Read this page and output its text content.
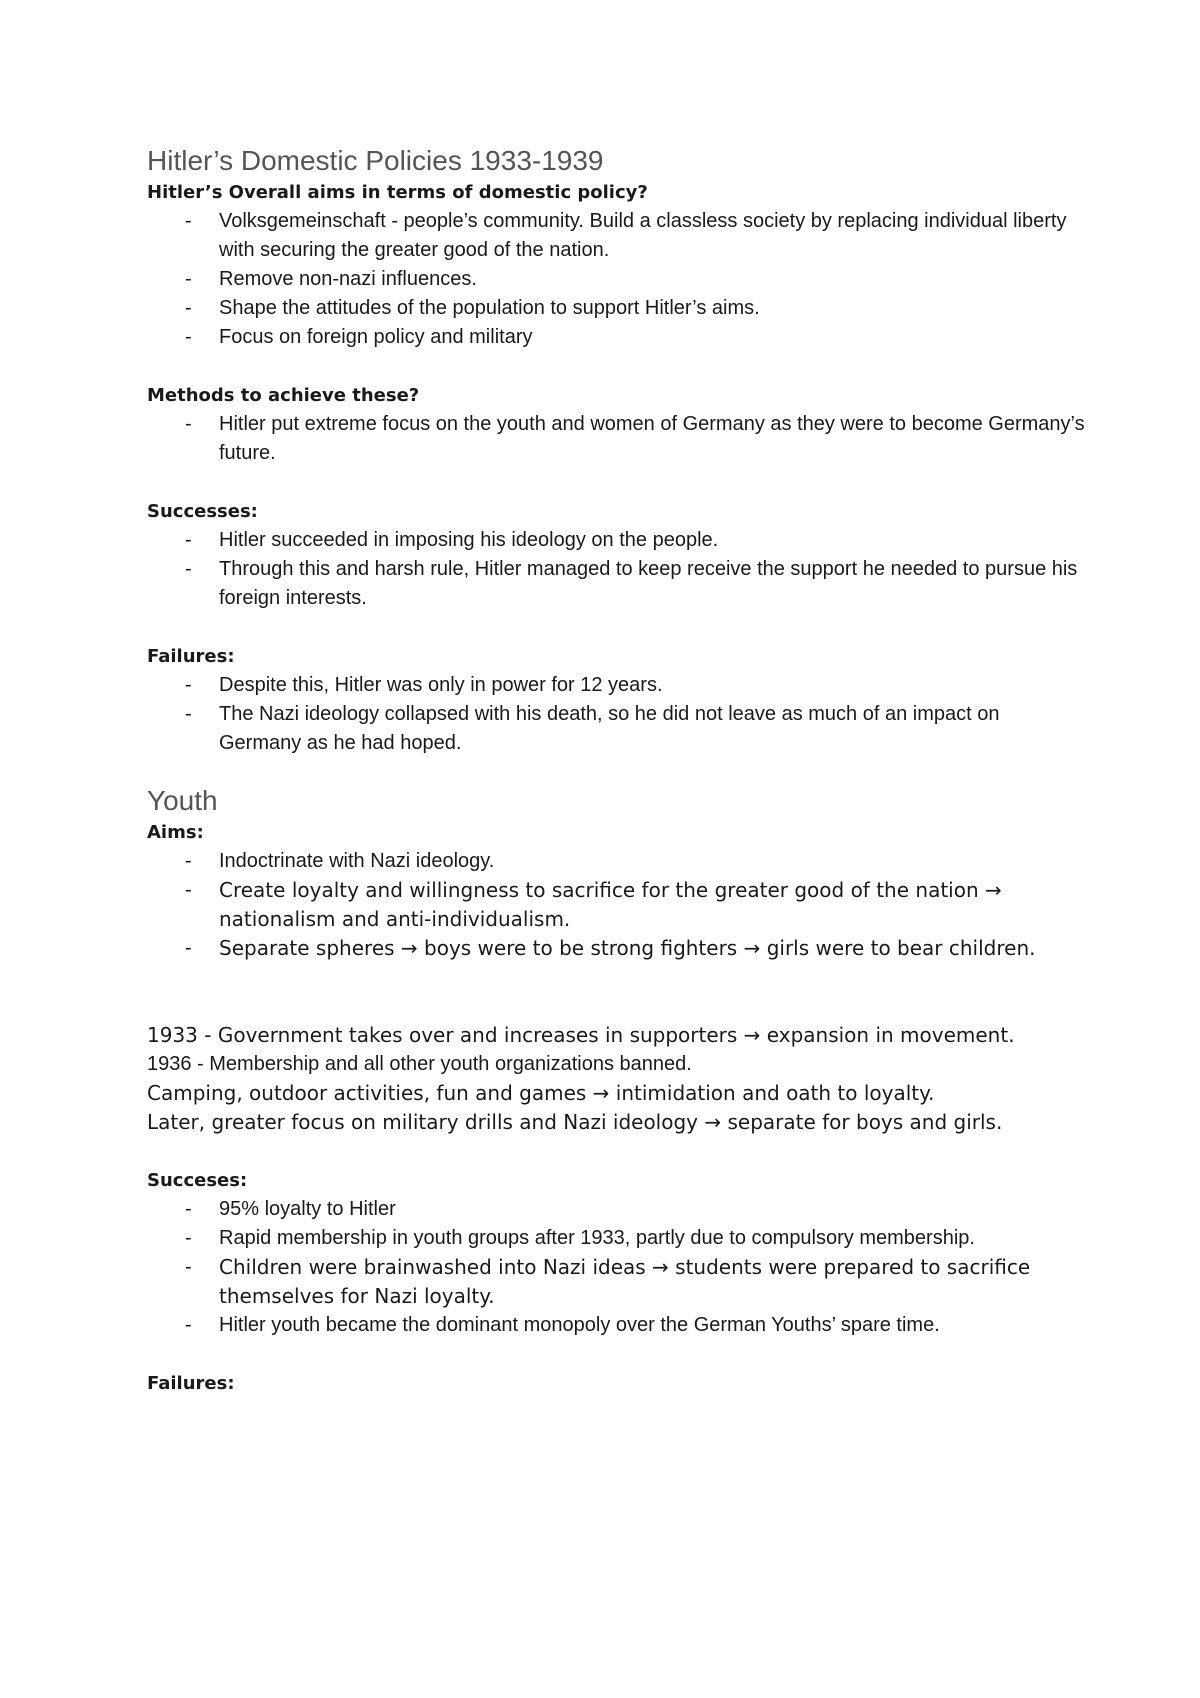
Hitler’s Domestic Policies 1933-1939

Hitler’s Overall aims in terms of domestic policy?

- Volksgemeinschaft - people’s community. Build a classless society by replacing individual liberty with securing the greater good of the nation.
- Remove non-nazi influences.
- Shape the attitudes of the population to support Hitler’s aims.
- Focus on foreign policy and military

Methods to achieve these?

- Hitler put extreme focus on the youth and women of Germany as they were to become Germany’s future.

Successes:

- Hitler succeeded in imposing his ideology on the people.
- Through this and harsh rule, Hitler managed to keep receive the support he needed to pursue his foreign interests.

Failures:

- Despite this, Hitler was only in power for 12 years.
- The Nazi ideology collapsed with his death, so he did not leave as much of an impact on Germany as he had hoped.
Youth

Aims:

- Indoctrinate with Nazi ideology.
- Create loyalty and willingness to sacrifice for the greater good of the nation → nationalism and anti-individualism.
- Separate spheres → boys were to be strong fighters → girls were to bear children.

1933 - Government takes over and increases in supporters → expansion in movement.

1936 - Membership and all other youth organizations banned.

Camping, outdoor activities, fun and games → intimidation and oath to loyalty.

Later, greater focus on military drills and Nazi ideology → separate for boys and girls.

Succeses:

- 95% loyalty to Hitler
- Rapid membership in youth groups after 1933, partly due to compulsory membership.
- Children were brainwashed into Nazi ideas → students were prepared to sacrifice themselves for Nazi loyalty.
- Hitler youth became the dominant monopoly over the German Youths’ spare time.

Failures:
